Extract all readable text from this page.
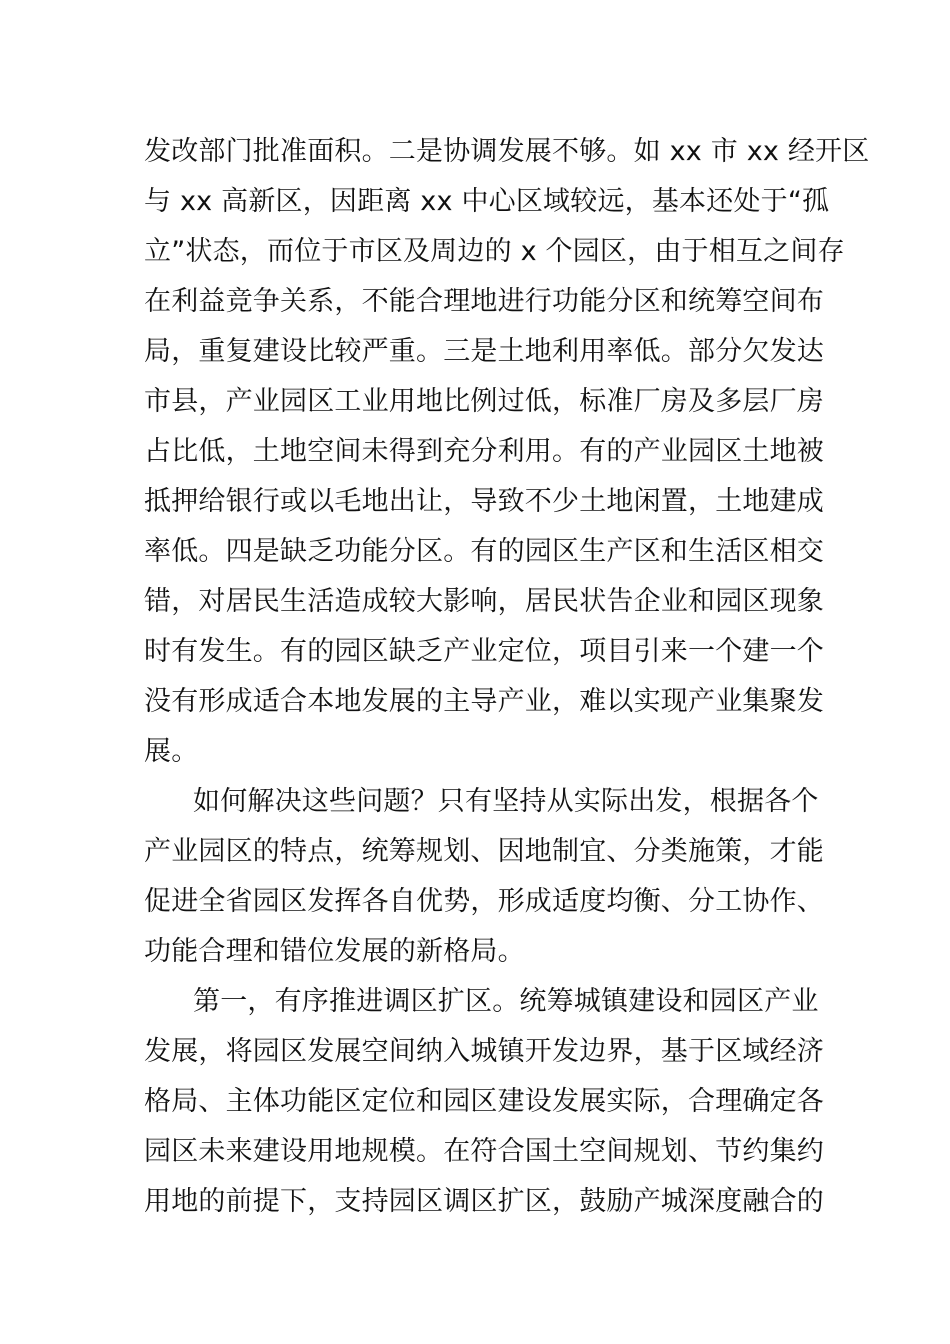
发改部门批准面积。二是协调发展不够。如 xx 市 xx 经开区
与 xx 高新区，因距离 xx 中心区域较远，基本还处于“孤
立”状态，而位于市区及周边的 x 个园区，由于相互之间存
在利益竞争关系，不能合理地进行功能分区和统筹空间布
局，重复建设比较严重。三是土地利用率低。部分欠发达
市县，产业园区工业用地比例过低，标准厂房及多层厂房
占比低，土地空间未得到充分利用。有的产业园区土地被
抵押给银行或以毛地出让，导致不少土地闲置，土地建成
率低。四是缺乏功能分区。有的园区生产区和生活区相交
错，对居民生活造成较大影响，居民状告企业和园区现象
时有发生。有的园区缺乏产业定位，项目引来一个建一个
没有形成适合本地发展的主导产业，难以实现产业集聚发
展。
如何解决这些问题？只有坚持从实际出发，根据各个
产业园区的特点，统筹规划、因地制宜、分类施策，才能
促进全省园区发挥各自优势，形成适度均衡、分工协作、
功能合理和错位发展的新格局。
第一，有序推进调区扩区。统筹城镇建设和园区产业
发展，将园区发展空间纳入城镇开发边界，基于区域经济
格局、主体功能区定位和园区建设发展实际，合理确定各
园区未来建设用地规模。在符合国土空间规划、节约集约
用地的前提下，支持园区调区扩区，鼓励产城深度融合的
